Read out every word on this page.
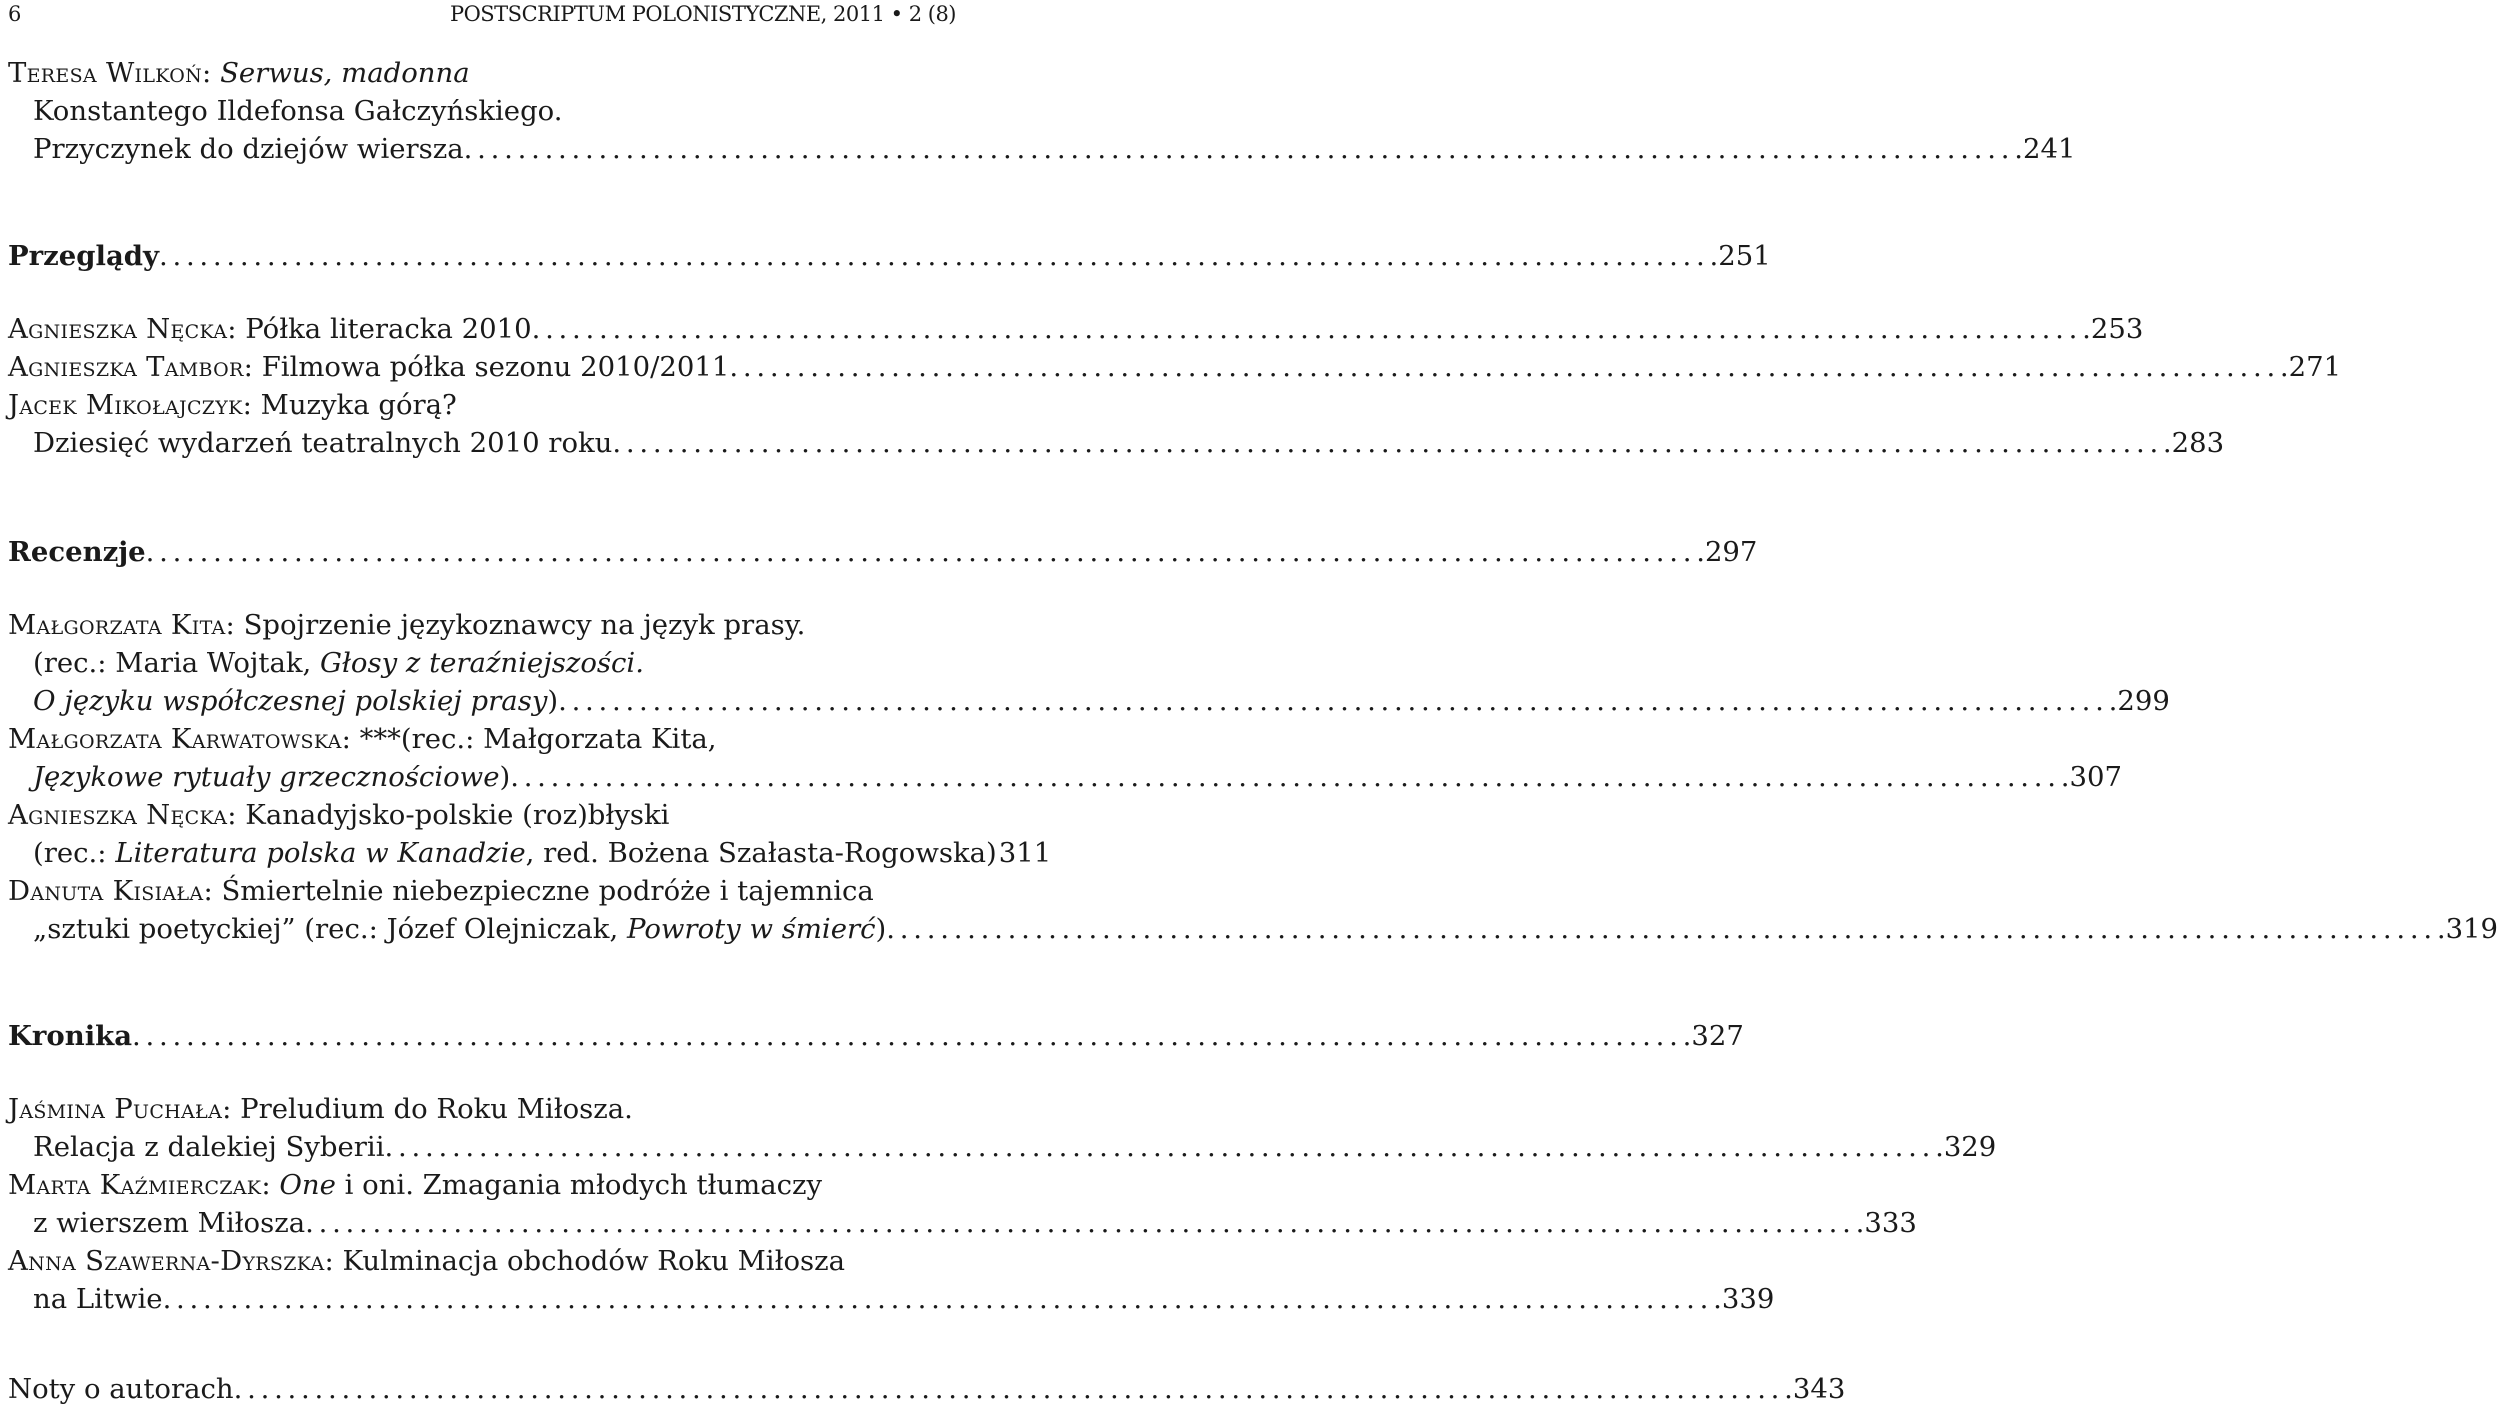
6	POSTSCRIPTUM POLONISTYCZNE, 2011 • 2 (8)
Teresa Wilkoń: Serwus, madonna
Konstantego Ildefonsa Gałczyńskiego.
Przyczynek do dziejów wiersza . . .	241
Przeglądy . . .	251
Agnieszka Nęcka: Półka literacka 2010 . . .	253
Agnieszka Tambor: Filmowa półka sezonu 2010/2011 . . .	271
Jacek Mikołajczyk: Muzyka górą?
Dziesięć wydarzeń teatralnych 2010 roku . . .	283
Recenzje . . .	297
Małgorzata Kita: Spojrzenie językoznawcy na język prasy.
(rec.: Maria Wojtak, Głosy z teraźniejszości.
O języku współczesnej polskiej prasy) . . .	299
Małgorzata Karwatowska: ***(rec.: Małgorzata Kita,
Językowe rytuały grzecznościowe) . . .	307
Agnieszka Nęcka: Kanadyjsko-polskie (roz)błyski
(rec.: Literatura polska w Kanadzie, red. Bożena Szałasta-Rogowska) 311
Danuta Kisiała: Śmiertelnie niebezpieczne podróże i tajemnica
„sztuki poetyckiej” (rec.: Józef Olejniczak, Powroty w śmierć) . . .	319
Kronika . . .	327
Jaśmina Puchała: Preludium do Roku Miłosza.
Relacja z dalekiej Syberii . . .	329
Marta Kaźmierczak: One i oni. Zmagania młodych tłumaczy
z wierszem Miłosza . . .	333
Anna Szawerna-Dyrszka: Kulminacja obchodów Roku Miłosza
na Litwie . . .	339
Noty o autorach . . .	343
